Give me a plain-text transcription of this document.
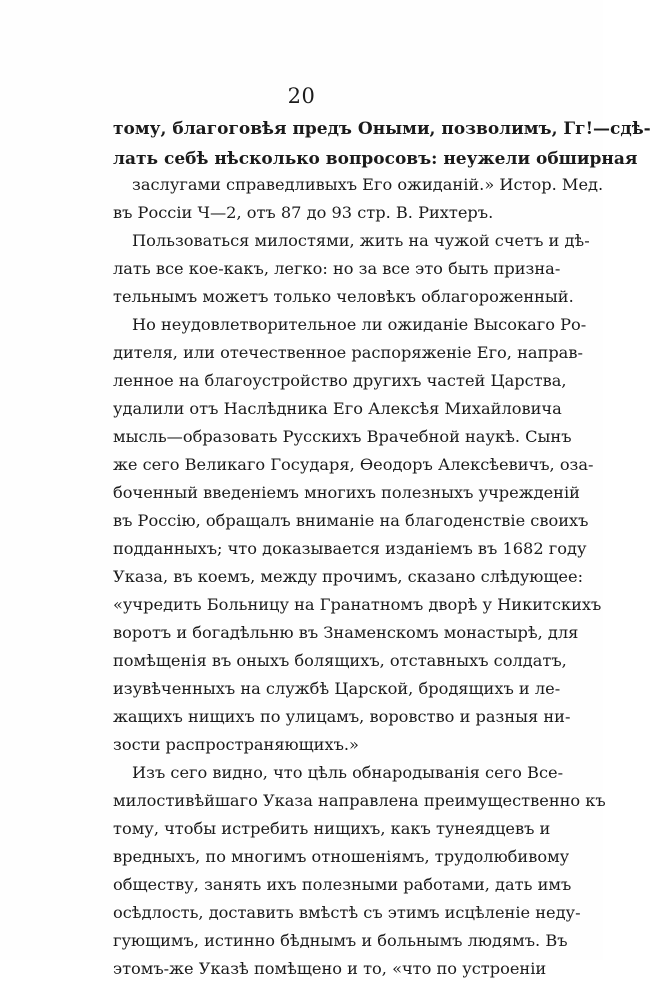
20
тому, благоговѣя предъ Оными, позволимъ, Гг!—сдѣ-
лать себѣ нѣсколько вопросовъ: неужели обширная
заслугами справедливыхъ Его ожиданій.» Истор. Мед.
въ Россіи Ч—2, отъ 87 до 93 стр. В. Рихтеръ.
Пользоваться милостями, жить на чужой счетъ и дѣ-
лать все кое-какъ, легко: но за все это быть призна-
тельнымъ можетъ только человѣкъ облагороженный.
Но неудовлетворительное ли ожиданіе Высокаго Ро-
дителя, или отечественное распоряженіе Его, направ-
ленное на благоустройство другихъ частей Царства,
удалили отъ Наслѣдника Его Алексѣя Михайловича
мысль—образовать Русскихъ Врачебной наукѣ. Сынъ
же сего Великаго Государя, Ѳеодоръ Алексѣевичъ, оза-
боченный введеніемъ многихъ полезныхъ учрежденій
въ Россію, обращалъ вниманіе на благоденствіе своихъ
подданныхъ; что доказывается изданіемъ въ 1682 году
Указа, въ коемъ, между прочимъ, сказано слѣдующее:
«учредить Больницу на Гранатномъ дворѣ у Никитскихъ
воротъ и богадѣльню въ Знаменскомъ монастырѣ, для
помѣщенія въ оныхъ болящихъ, отставныхъ солдатъ,
изувѣченныхъ на службѣ Царской, бродящихъ и ле-
жащихъ нищихъ по улицамъ, воровство и разныя ни-
зости распространяющихъ.»
Изъ сего видно, что цѣль обнародыванія сего Все-
милостивѣйшаго Указа направлена преимущественно къ
тому, чтобы истребить нищихъ, какъ тунеядцевъ и
вредныхъ, по многимъ отношеніямъ, трудолюбивому
обществу, занять ихъ полезными работами, дать имъ
осѣдлость, доставить вмѣстѣ съ этимъ исцѣленіе неду-
гующимъ, истинно бѣднымъ и больнымъ людямъ. Въ
этомъ-же Указѣ помѣщено и то, «что по устроеніи
